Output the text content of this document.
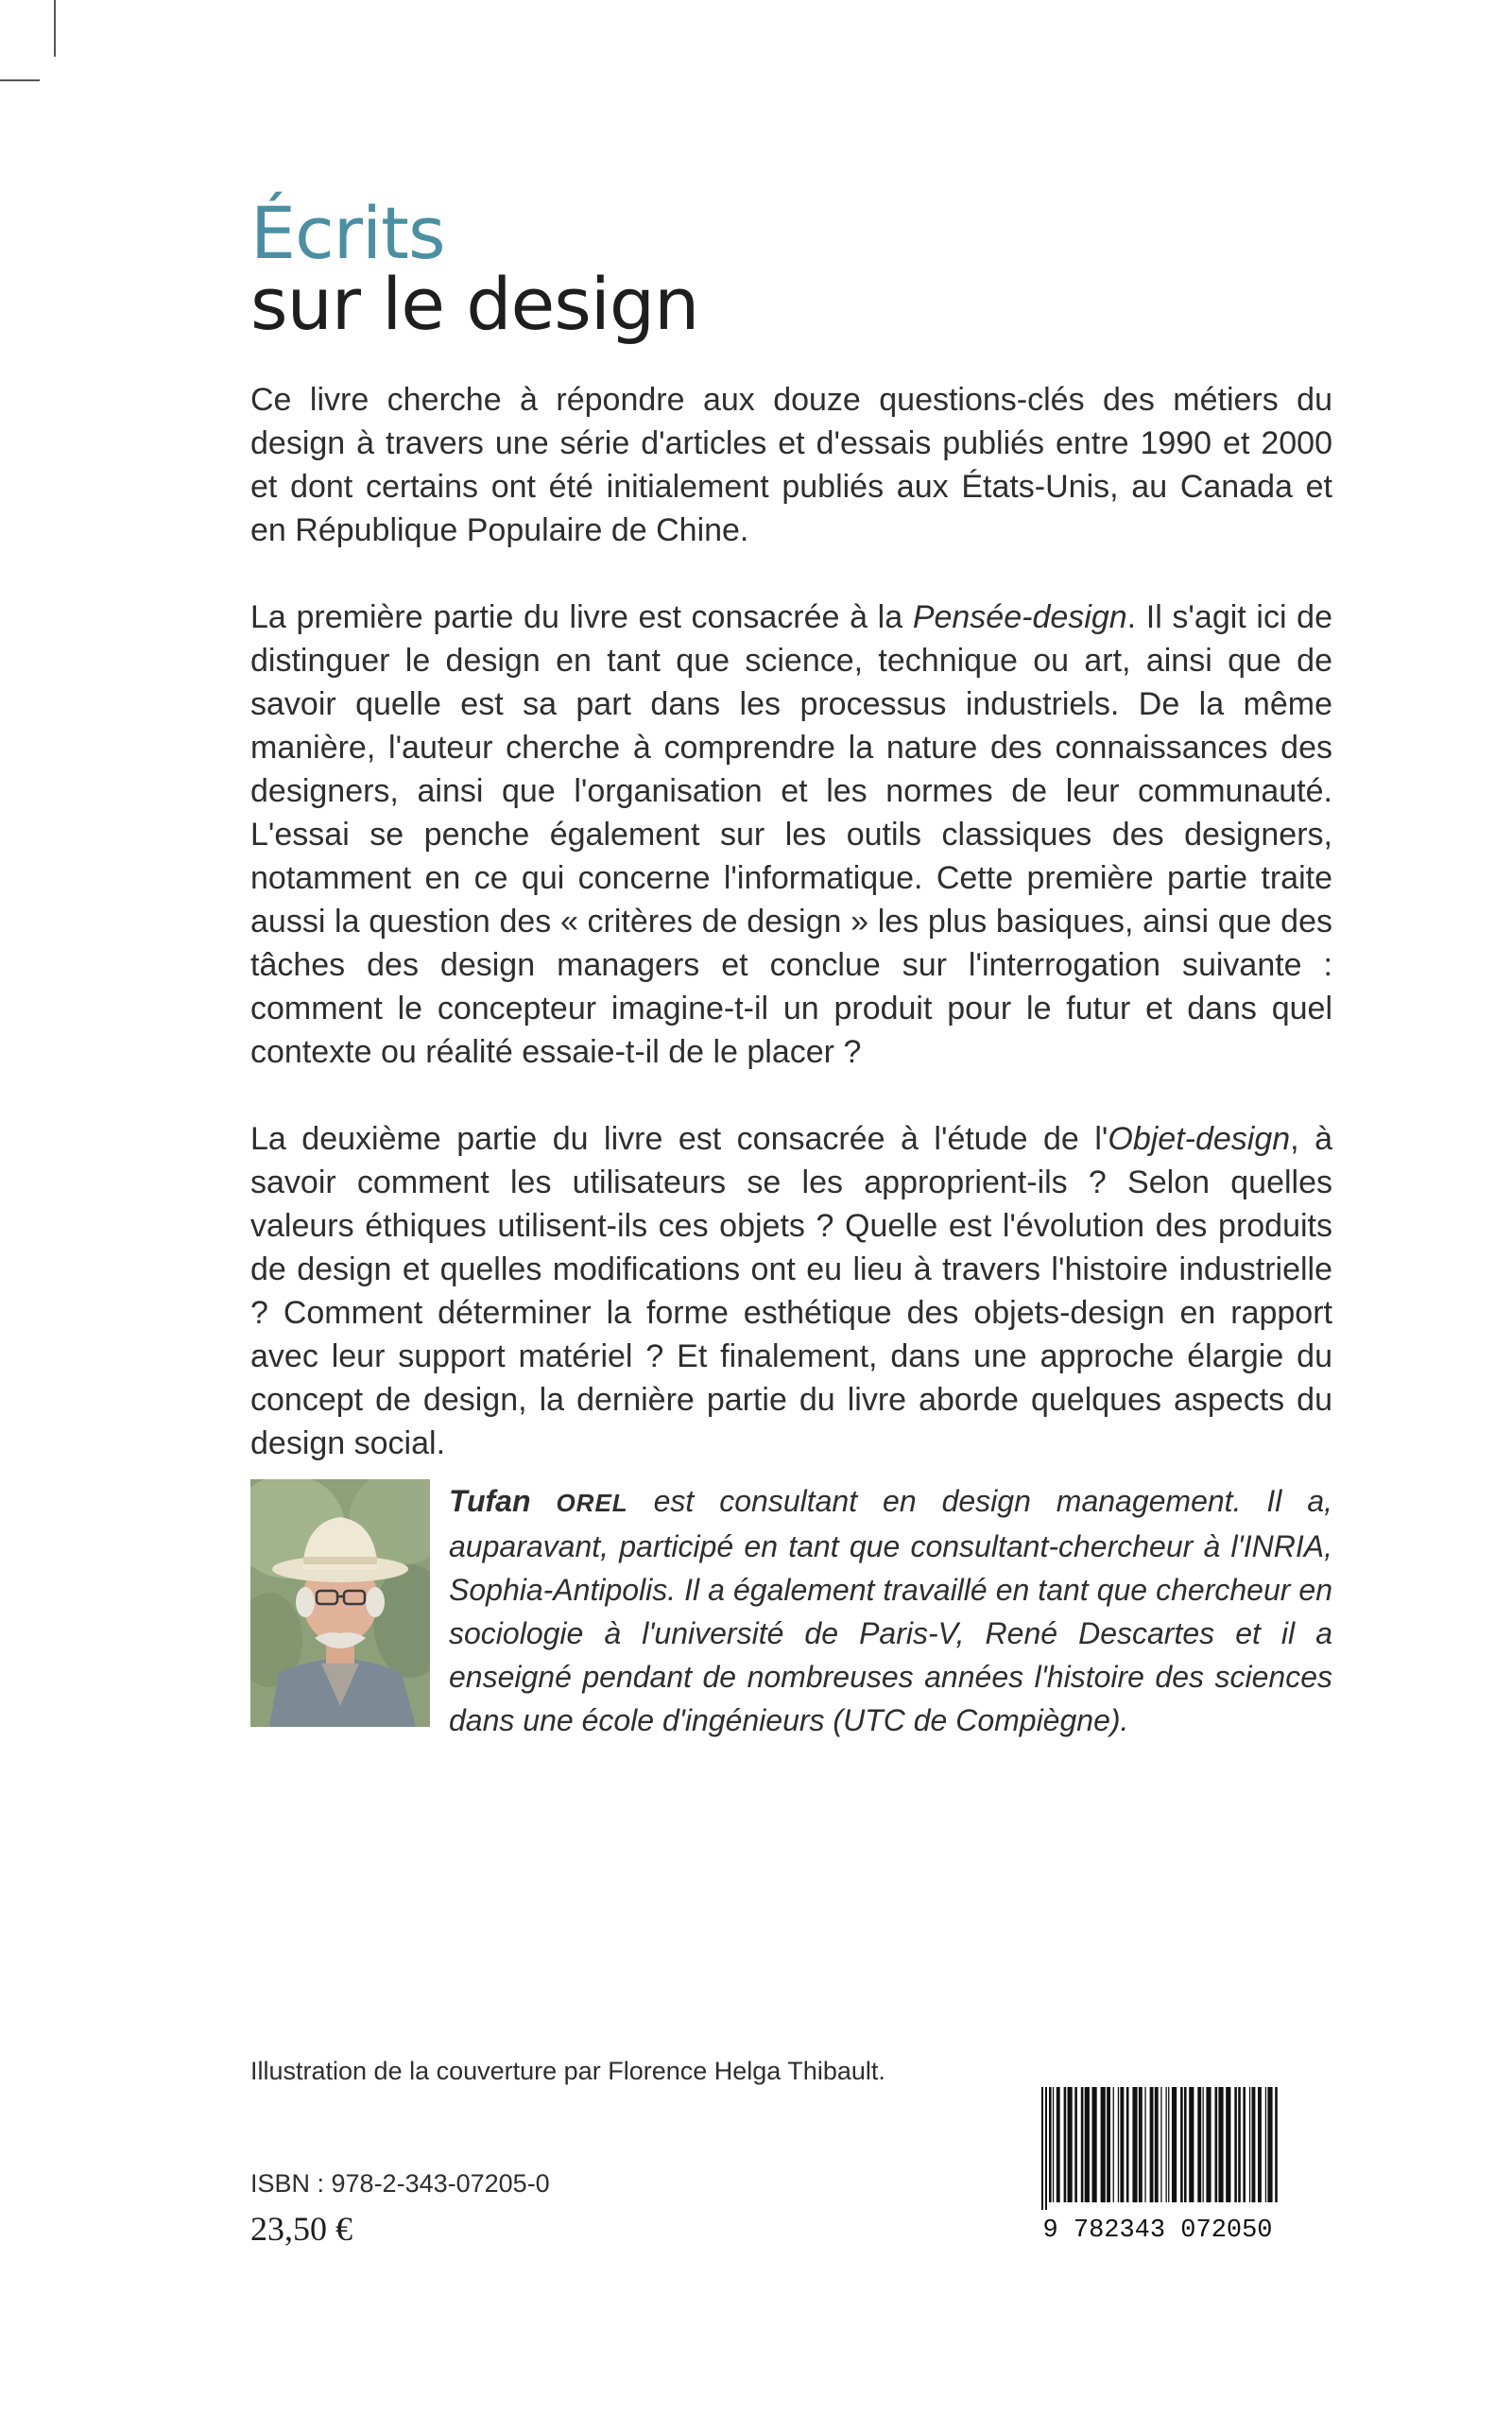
Écrits
sur le design

Ce livre cherche à répondre aux douze questions-clés des métiers du design à travers une série d'articles et d'essais publiés entre 1990 et 2000 et dont certains ont été initialement publiés aux États-Unis, au Canada et en République Populaire de Chine.

La première partie du livre est consacrée à la Pensée-design. Il s'agit ici de distinguer le design en tant que science, technique ou art, ainsi que de savoir quelle est sa part dans les processus industriels. De la même manière, l'auteur cherche à comprendre la nature des connaissances des designers, ainsi que l'organisation et les normes de leur communauté. L'essai se penche également sur les outils classiques des designers, notamment en ce qui concerne l'informatique. Cette première partie traite aussi la question des « critères de design » les plus basiques, ainsi que des tâches des design managers et conclue sur l'interrogation suivante : comment le concepteur imagine-t-il un produit pour le futur et dans quel contexte ou réalité essaie-t-il de le placer ?

La deuxième partie du livre est consacrée à l'étude de l'Objet-design, à savoir comment les utilisateurs se les approprient-ils ? Selon quelles valeurs éthiques utilisent-ils ces objets ? Quelle est l'évolution des produits de design et quelles modifications ont eu lieu à travers l'histoire industrielle ? Comment déterminer la forme esthétique des objets-design en rapport avec leur support matériel ? Et finalement, dans une approche élargie du concept de design, la dernière partie du livre aborde quelques aspects du design social.

Tufan OREL est consultant en design management. Il a, auparavant, participé en tant que consultant-chercheur à l'INRIA, Sophia-Antipolis. Il a également travaillé en tant que chercheur en sociologie à l'université de Paris-V, René Descartes et il a enseigné pendant de nombreuses années l'histoire des sciences dans une école d'ingénieurs (UTC de Compiègne).
Illustration de la couverture par Florence Helga Thibault.
ISBN : 978-2-343-07205-0
23,50 €	9 782343 072050
